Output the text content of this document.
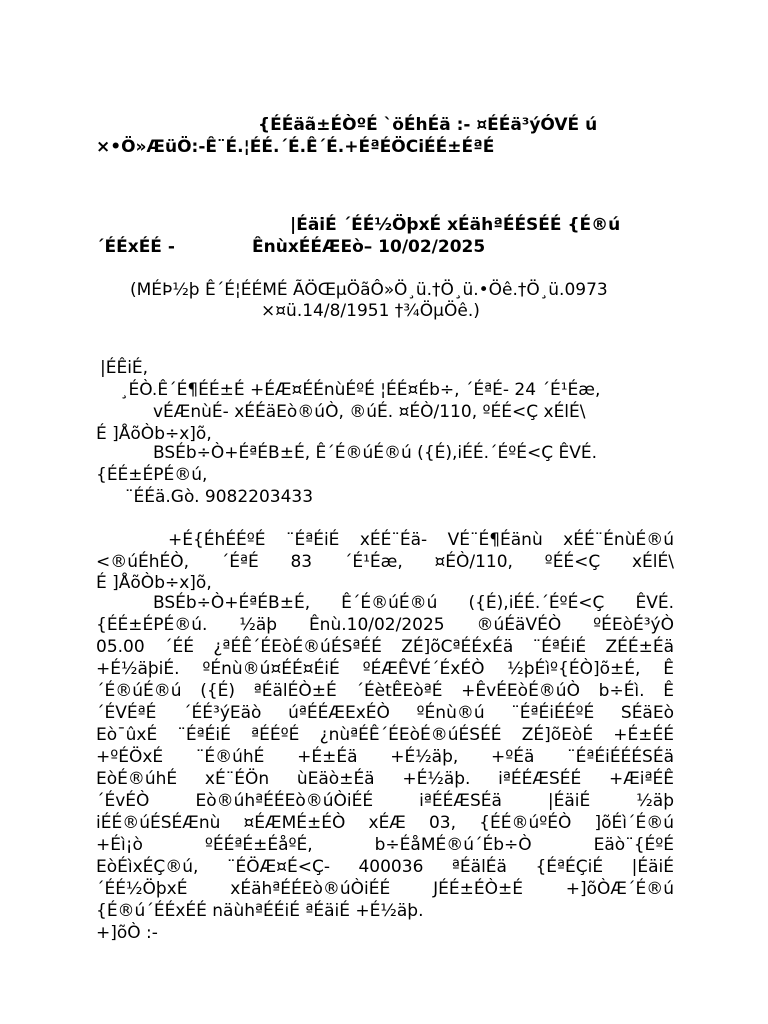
{ÉÉäã±ÉÒºÉ `öÉhÉä :- ¤ÉÉä³ýÓVÉ ú
×•Ö»ÆüÖ:-Ê¨É.¦ÉÉ.´É.Ê´É.+ÉªÉÖCiÉÉ±ÉªÉ
|ÉäiÉ ´ÉÉ½ÖþxÉ xÉähªÉÉSÉÉ {É®ú
´ÉÉxÉÉ -	ÊnùxÉÉÆEò– 10/02/2025
(MÉÞ½þ Ê´É¦ÉÉMÉ ÃÖŒµÖãÔ»Ö¸ü.†Ö¸ü.•Öê.†Ö¸ü.0973
×¤ü.14/8/1951 †¾ÖµÖê.)
|ÉÊiÉ,
¸ÉÒ.Ê´É¶ÉÉ±É +ÉÆ¤ÉÉnùÉºÉ ¦ÉÉ¤Éb÷, ´ÉªÉ- 24 ´É¹Éæ,
vÉÆnùÉ- xÉÉäEò®úÒ, ®úÉ. ¤ÉÒ/110, ºÉÉ<Ç xÉlÉ\
É ]ÅõÒb÷x]õ,
BSÉb÷Ò+ÉªÉB±É, Ê´É®úÉ®ú ({É),iÉÉ.´ÉºÉ<Ç ÊVÉ.
{ÉÉ±ÉPÉ®ú,
¨ÉÉä.Gò. 9082203433
+É{ÉhÉÉºÉ ¨ÉªÉiÉ xÉÉ¨Éä- VÉ¨É¶Éänù xÉÉ¨ÉnùÉ®ú
<®úÉhÉÒ, ´ÉªÉ 83 ´É¹Éæ, ¤ÉÒ/110, ºÉÉ<Ç xÉlÉ\
É ]ÅõÒb÷x]õ,
BSÉb÷Ò+ÉªÉB±É, Ê´É®úÉ®ú ({É),iÉÉ.´ÉºÉ<Ç ÊVÉ.
{ÉÉ±ÉPÉ®ú. ½äþ Ênù.10/02/2025 ®úÉäVÉÒ ºÉEòÉ³ýÒ
05.00 ´ÉÉ ¿ªÉÊ´ÉEòÉ®úÉSªÉÉ ZÉ]õCªÉÉxÉä ¨ÉªÉiÉ ZÉÉ±Éä
+É½äþiÉ. ºÉnù®ú¤ÉÉ¤ÉiÉ ºÉÆÊVÉ´ÉxÉÒ ½þÉìº{ÉÒ]õ±É, Ê
´É®úÉ®ú ({É) ªÉälÉÒ±É ´ÉètÊEòªÉ +ÊvÉEòÉ®úÒ b÷Éì. Ê
´ÉVÉªÉ ´ÉÉ³ýEäò úªÉÉÆExÉÒ ºÉnù®ú ¨ÉªÉiÉÉºÉ SÉäEò
Eò¯ûxÉ ¨ÉªÉiÉ ªÉÉºÉ ¿nùªÉÊ´ÉEòÉ®úÉSÉÉ ZÉ]õEòÉ +É±ÉÉ
+ºÉÖxÉ ¨É®úhÉ +É±Éä +É½äþ, +ºÉä ¨ÉªÉiÉÉÉSÉä
EòÉ®úhÉ xÉ¨ÉÖn ùEäò±Éä +É½äþ. iªÉÉÆSÉÉ +ÆiªÉÊ
´ÉvÉÒ Eò®úhªÉÉEò®úÒiÉÉ iªÉÉÆSÉä |ÉäiÉ ½äþ
iÉÉ®úÉSÉÆnù ¤ÉÆMÉ±ÉÒ xÉÆ 03, {ÉÉ®úºÉÒ ]õÉì´É®ú
+Éì¡ò ºÉÉªÉ±ÉåºÉ, b÷ÉåMÉ®ú´Éb÷Ò Eäò¨{ÉºÉ
EòÉìxÉÇ®ú, ¨ÉÖÆ¤É<Ç- 400036 ªÉälÉä {ÉªÉÇiÉ |ÉäiÉ
´ÉÉ½ÖþxÉ xÉähªÉÉEò®úÒiÉÉ JÉÉ±ÉÒ±É +]õÒÆ´É®ú
{É®ú´ÉÉxÉÉ näùhªÉÉiÉ ªÉäiÉ +É½äþ.
+]õÒ :-
